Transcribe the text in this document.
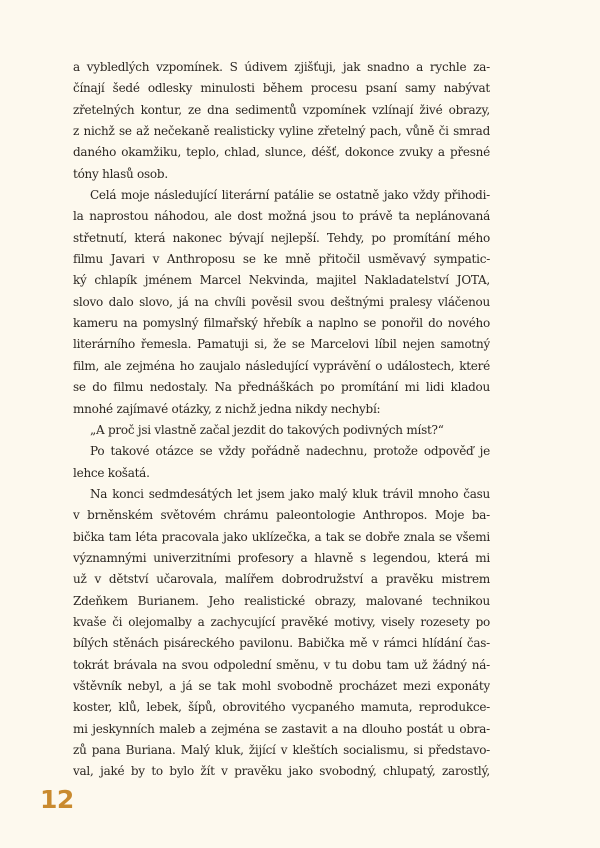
a vybledlých vzpomínek. S údivem zjišťuji, jak snadno a rychle za-
čínají šedé odlesky minulosti během procesu psaní samy nabývat
zřetelných kontur, ze dna sedimentů vzpomínek vzlínají živé obrazy,
z nichž se až nečekaně realisticky vyline zřetelný pach, vůně či smrad
daného okamžiku, teplo, chlad, slunce, déšť, dokonce zvuky a přesné
tóny hlasů osob.
Celá moje následující literární patálie se ostatně jako vždy přihodi-
la naprostou náhodou, ale dost možná jsou to právě ta neplánovaná
střetnutí, která nakonec bývají nejlepší. Tehdy, po promítání mého
filmu Javari v Anthroposu se ke mně přitočil usměvavý sympatic-
ký chlapík jménem Marcel Nekvinda, majitel Nakladatelství JOTA,
slovo dalo slovo, já na chvíli pověsil svou deštnými pralesy vláčenou
kameru na pomyslný filmařský hřebík a naplno se ponořil do nového
literárního řemesla. Pamatuji si, že se Marcelovi líbil nejen samotný
film, ale zejména ho zaujalo následující vyprávění o událostech, které
se do filmu nedostaly. Na přednáškách po promítání mi lidi kladou
mnohé zajímavé otázky, z nichž jedna nikdy nechybí:
„A proč jsi vlastně začal jezdit do takových podivných míst?“
Po takové otázce se vždy pořádně nadechnu, protože odpověď je
lehce košatá.
Na konci sedmdesátých let jsem jako malý kluk trávil mnoho času
v brněnském světovém chrámu paleontologie Anthropos. Moje ba-
bička tam léta pracovala jako uklízečka, a tak se dobře znala se všemi
významnými univerzitními profesory a hlavně s legendou, která mi
už v dětství učarovala, malířem dobrodružství a pravěku mistrem
Zdeňkem Burianem. Jeho realistické obrazy, malované technikou
kvaše či olejomalby a zachycující pravěké motivy, visely rozesety po
bílých stěnách pisáreckého pavilonu. Babička mě v rámci hlídání čas-
tokrát brávala na svou odpolední směnu, v tu dobu tam už žádný ná-
vštěvník nebyl, a já se tak mohl svobodně procházet mezi exponáty
koster, klů, lebek, šípů, obrovitého vycpaného mamuta, reprodukce-
mi jeskynních maleb a zejména se zastavit a na dlouho postát u obra-
zů pana Buriana. Malý kluk, žijící v kleštích socialismu, si představo-
val, jaké by to bylo žít v pravěku jako svobodný, chlupatý, zarostlý,
12
